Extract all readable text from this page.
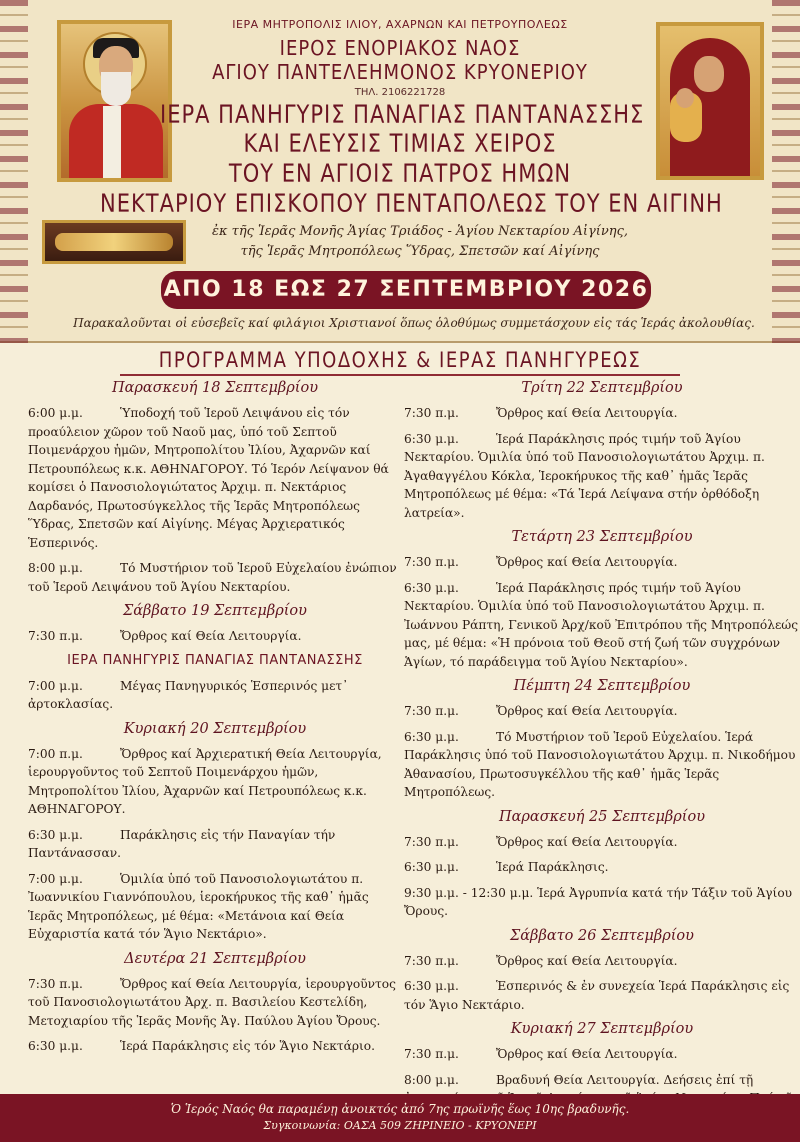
ΙΕΡΑ ΜΗΤΡΟΠΟΛΙΣ ΙΛΙΟΥ, ΑΧΑΡΝΩΝ ΚΑΙ ΠΕΤΡΟΥΠΟΛΕΩΣ
ΙΕΡΟΣ ΕΝΟΡΙΑΚΟΣ ΝΑΟΣ
ΑΓΙΟΥ ΠΑΝΤΕΛΕΗΜΟΝΟΣ ΚΡΥΟΝΕΡΙΟΥ
ΤΗΛ. 2106221728
ΙΕΡΑ ΠΑΝΗΓΥΡΙΣ ΠΑΝΑΓΙΑΣ ΠΑΝΤΑΝΑΣΣΗΣ
ΚΑΙ ΕΛΕΥΣΙΣ ΤΙΜΙΑΣ ΧΕΙΡΟΣ
ΤΟΥ ΕΝ ΑΓΙΟΙΣ ΠΑΤΡΟΣ ΗΜΩΝ
ΝΕΚΤΑΡΙΟΥ ΕΠΙΣΚΟΠΟΥ ΠΕΝΤΑΠΟΛΕΩΣ ΤΟΥ ΕΝ ΑΙΓΙΝΗ
ἐκ τῆς Ἱερᾶς Μονῆς Ἁγίας Τριάδος - Ἁγίου Νεκταρίου Αἰγίνης,
τῆς Ἱερᾶς Μητροπόλεως Ὕδρας, Σπετσῶν καί Αἰγίνης
ΑΠΟ 18 ΕΩΣ 27 ΣΕΠΤΕΜΒΡΙΟΥ 2026
Παρακαλοῦνται οἱ εὐσεβεῖς καί φιλάγιοι Χριστιανοί ὅπως ὁλοθύμως συμμετάσχουν εἰς τάς Ἱεράς ἀκολουθίας.
ΠΡΟΓΡΑΜΜΑ ΥΠΟΔΟΧΗΣ & ΙΕΡΑΣ ΠΑΝΗΓΥΡΕΩΣ
Παρασκευή 18 Σεπτεμβρίου
6:00 μ.μ.	Ὑποδοχή τοῦ Ἱεροῦ Λειψάνου εἰς τόν προαύλειον χῶρον τοῦ Ναοῦ μας, ὑπό τοῦ Σεπτοῦ Ποιμενάρχου ἡμῶν, Μητροπολίτου Ἰλίου, Ἀχαρνῶν καί Πετρουπόλεως κ.κ. ΑΘΗΝΑΓΟΡΟΥ. Τό Ἱερόν Λείψανον θά κομίσει ὁ Πανοσιολογιώτατος Ἀρχιμ. π. Νεκτάριος Δαρδανός, Πρωτοσύγκελλος τῆς Ἱερᾶς Μητροπόλεως Ὕδρας, Σπετσῶν καί Αἰγίνης. Μέγας Ἀρχιερατικός Ἑσπερινός.
8:00 μ.μ.	Τό Μυστήριον τοῦ Ἱεροῦ Εὐχελαίου ἐνώπιον τοῦ Ἱεροῦ Λειψάνου τοῦ Ἁγίου Νεκταρίου.
Σάββατο 19 Σεπτεμβρίου
7:30 π.μ.	Ὄρθρος καί Θεία Λειτουργία.
ΙΕΡΑ ΠΑΝΗΓΥΡΙΣ ΠΑΝΑΓΙΑΣ ΠΑΝΤΑΝΑΣΣΗΣ
7:00 μ.μ.	Μέγας Πανηγυρικός Ἑσπερινός μετ᾽ ἀρτοκλασίας.
Κυριακή 20 Σεπτεμβρίου
7:00 π.μ.	Ὄρθρος καί Ἀρχιερατική Θεία Λειτουργία, ἱερουργοῦντος τοῦ Σεπτοῦ Ποιμενάρχου ἡμῶν, Μητροπολίτου Ἰλίου, Ἀχαρνῶν καί Πετρουπόλεως κ.κ. ΑΘΗΝΑΓΟΡΟΥ.
6:30 μ.μ.	Παράκλησις εἰς τήν Παναγίαν τήν Παντάνασσαν.
7:00 μ.μ.	Ὁμιλία ὑπό τοῦ Πανοσιολογιωτάτου π. Ἰωαννικίου Γιαννόπουλου, ἱεροκήρυκος τῆς καθ᾽ ἡμᾶς Ἱερᾶς Μητροπόλεως, μέ θέμα: «Μετάνοια καί Θεία Εὐχαριστία κατά τόν Ἅγιο Νεκτάριο».
Δευτέρα 21 Σεπτεμβρίου
7:30 π.μ.	Ὄρθρος καί Θεία Λειτουργία, ἱερουργοῦντος τοῦ Πανοσιολογιωτάτου Ἀρχ. π. Βασιλείου Κεστελίδη, Μετοχιαρίου τῆς Ἱερᾶς Μονῆς Ἁγ. Παύλου Ἁγίου Ὄρους.
6:30 μ.μ.	Ἱερά Παράκλησις εἰς τόν Ἅγιο Νεκτάριο.
Τρίτη 22 Σεπτεμβρίου
7:30 π.μ.	Ὄρθρος καί Θεία Λειτουργία.
6:30 μ.μ.	Ἱερά Παράκλησις πρός τιμήν τοῦ Ἁγίου Νεκταρίου. Ὁμιλία ὑπό τοῦ Πανοσιολογιωτάτου Ἀρχιμ. π. Ἀγαθαγγέλου Κόκλα, Ἱεροκήρυκος τῆς καθ᾽ ἡμᾶς Ἱερᾶς Μητροπόλεως μέ θέμα: «Τά Ἱερά Λείψανα στήν ὀρθόδοξη λατρεία».
Τετάρτη 23 Σεπτεμβρίου
7:30 π.μ.	Ὄρθρος καί Θεία Λειτουργία.
6:30 μ.μ.	Ἱερά Παράκλησις πρός τιμήν τοῦ Ἁγίου Νεκταρίου. Ὁμιλία ὑπό τοῦ Πανοσιολογιωτάτου Ἀρχιμ. π. Ἰωάννου Ράπτη, Γενικοῦ Ἀρχ/κοῦ Ἐπιτρόπου τῆς Μητροπόλεώς μας, μέ θέμα: «Ἡ πρόνοια τοῦ Θεοῦ στή ζωή τῶν συγχρόνων Ἁγίων, τό παράδειγμα τοῦ Ἁγίου Νεκταρίου».
Πέμπτη 24 Σεπτεμβρίου
7:30 π.μ.	Ὄρθρος καί Θεία Λειτουργία.
6:30 μ.μ.	Τό Μυστήριον τοῦ Ἱεροῦ Εὐχελαίου. Ἱερά Παράκλησις ὑπό τοῦ Πανοσιολογιωτάτου Ἀρχιμ. π. Νικοδήμου Ἀθανασίου, Πρωτοσυγκέλλου τῆς καθ᾽ ἡμᾶς Ἱερᾶς Μητροπόλεως.
Παρασκευή 25 Σεπτεμβρίου
7:30 π.μ.	Ὄρθρος καί Θεία Λειτουργία.
6:30 μ.μ.	Ἱερά Παράκλησις.
9:30 μ.μ. - 12:30 μ.μ. Ἱερά Ἀγρυπνία κατά τήν Τάξιν τοῦ Ἁγίου Ὄρους.
Σάββατο 26 Σεπτεμβρίου
7:30 π.μ.	Ὄρθρος καί Θεία Λειτουργία.
6:30 μ.μ.	Ἑσπερινός & ἐν συνεχεία Ἱερά Παράκλησις εἰς τόν Ἅγιο Νεκτάριο.
Κυριακή 27 Σεπτεμβρίου
7:30 π.μ.	Ὄρθρος καί Θεία Λειτουργία.
8:00 μ.μ.	Βραδυνή Θεία Λειτουργία. Δεήσεις ἐπί τῇ
Ὁ Ἱερός Ναός θα παραμένῃ ἀνοικτός ἀπό 7ης πρωϊνῆς ἕως 10ης βραδυνῆς.
Συγκοινωνία: ΟΑΣΑ 509 ΖΗΡΙΝΕΙΟ - ΚΡΥΟΝΕΡΙ
